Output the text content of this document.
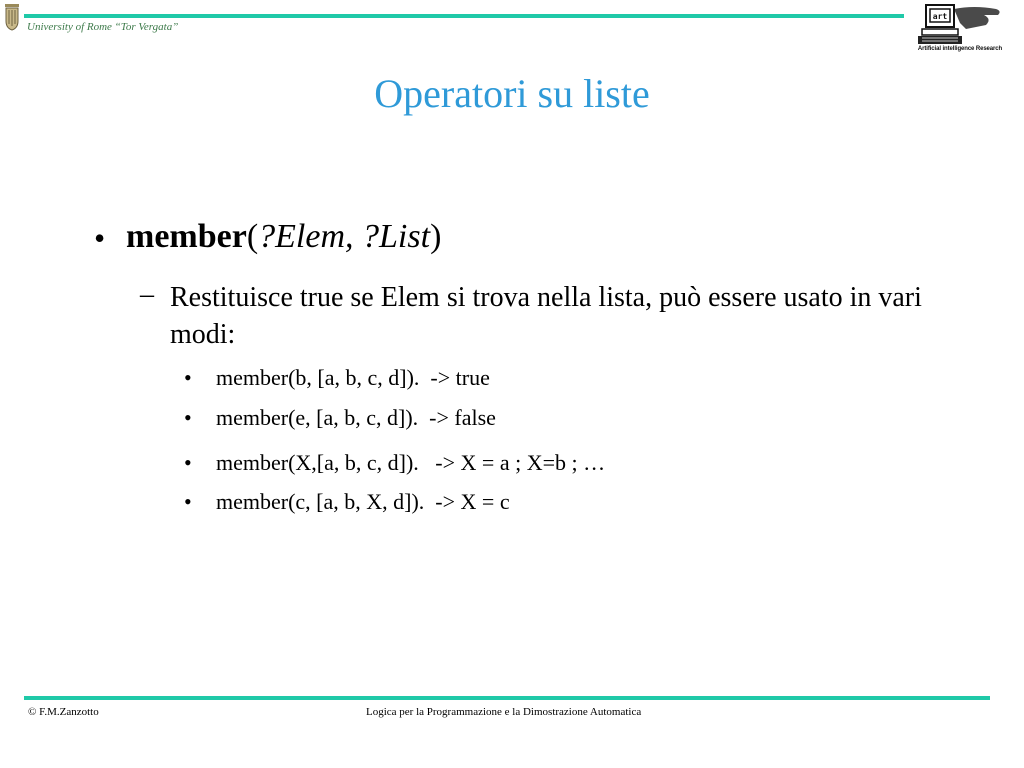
University of Rome “Tor Vergata”
art
Artificial intelligence Research
Operatori su liste
• member(?Elem, ?List)
– Restituisce true se Elem si trova nella lista, può essere usato in vari modi:
• member(b, [a, b, c, d]).  -> true
• member(e, [a, b, c, d]).  -> false
• member(X,[a, b, c, d]).   -> X = a ; X=b ; …
• member(c, [a, b, X, d]).  -> X = c
© F.M.Zanzotto	Logica per la Programmazione e la Dimostrazione Automatica
